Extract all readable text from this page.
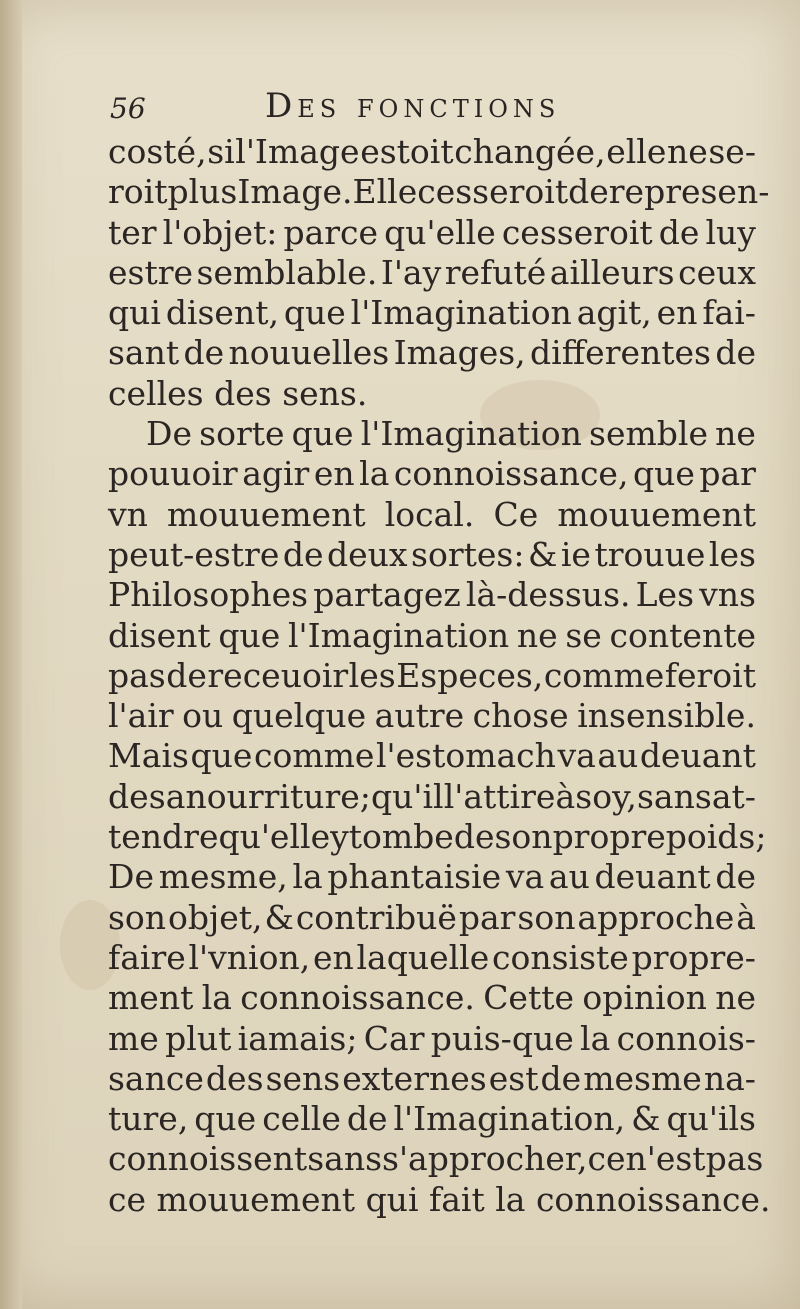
56	Des fonctions
costé, si l'Image estoit changée, elle ne se-
roit plus Image. Elle cesseroit de represen-
ter l'objet: parce qu'elle cesseroit de luy
estre semblable. I'ay refuté ailleurs ceux
qui disent, que l'Imagination agit, en fai-
sant de nouuelles Images, differentes de
celles
des
sens.
De sorte que l'Imagination semble ne
pouuoir agir en la connoissance, que par
vn mouuement local. Ce mouuement
peut-estre de deux sortes: & ie trouue les
Philosophes partagez là-dessus. Les vns
disent que l'Imagination ne se contente
pas de receuoir les Especes, comme feroit
l'air ou quelque autre chose insensible.
Mais que comme l'estomach va au deuant
de sa nourriture; qu'il l'attire à soy, sans at-
tendre qu'elle y tombe de son propre poids;
De mesme, la phantaisie va au deuant de
son objet, & contribuë par son approche à
faire l'vnion, en laquelle consiste propre-
ment la connoissance. Cette opinion ne
me plut iamais; Car puis-que la connois-
sance des sens externes est de mesme na-
ture, que celle de l'Imagination, & qu'ils
connoissent sans s'approcher, ce n'est pas
ce
mouuement
qui
fait
la
connoissance.
